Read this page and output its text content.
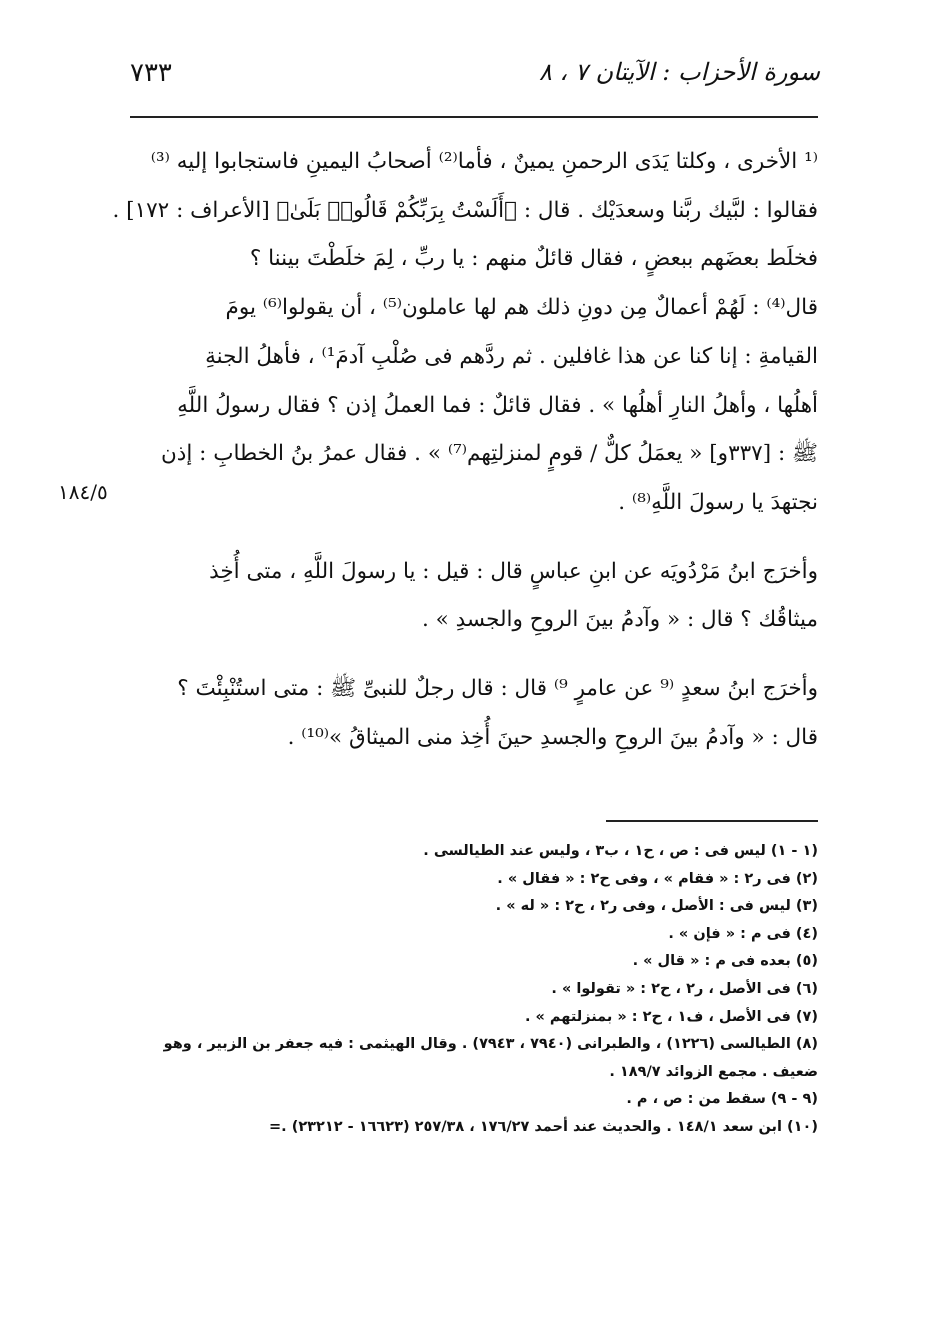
٧٣٣	سورة الأحزاب : الآيتان ٧ ، ٨
١٨٤/٥
⁽¹ الأخرى ، وكلتا يَدَى الرحمنِ يمينٌ ، فأما⁽²⁾ أصحابُ اليمينِ فاستجابوا إليه ⁽³⁾
فقالوا : لبَّيك ربَّنا وسعدَيْك . قال : ﴿أَلَسْتُ بِرَبِّكُمْ قَالُوا۟ بَلَىٰ﴾ [الأعراف : ١٧٢] .
فخلَط بعضَهم ببعضٍ ، فقال قائلٌ منهم : يا ربِّ ، لِمَ خلَطْتَ بيننا ؟
قال⁽⁴⁾ : لَهُمْ أعمالٌ مِن دونِ ذلك هم لها عاملون⁽⁵⁾ ، أن يقولوا⁽⁶⁾ يومَ
القيامةِ : إنا كنا عن هذا غافلين . ثم ردَّهم فى صُلْبِ آدمَ¹⁾ ، فأهلُ الجنةِ
أهلُها ، وأهلُ النارِ أهلُها » . فقال قائلٌ : فما العملُ إذن ؟ فقال رسولُ اللَّهِ
ﷺ : [٣٣٧و] « يعمَلُ كلٌّ / قومٍ لمنزلتِهم⁽⁷⁾ » . فقال عمرُ بنُ الخطابِ : إذن
نجتهدَ يا رسولَ اللَّهِ⁽⁸⁾ .
وأخرَج ابنُ مَرْدُويَه عن ابنِ عباسٍ قال : قيل : يا رسولَ اللَّهِ ، متى أُخِذ
ميثاقُك ؟ قال : « وآدمُ بينَ الروحِ والجسدِ » .
وأخرَج ابنُ سعدٍ ⁽⁹ عن عامرٍ ⁹⁾ قال : قال رجلٌ للنبىِّ ﷺ : متى استُنْبِئْتَ ؟
قال : « وآدمُ بينَ الروحِ والجسدِ حينَ أُخِذ منى الميثاقُ »⁽¹⁰⁾ .
(١ - ١) ليس فى : ص ، ح١ ، ب٣ ، وليس عند الطيالسى .
(٢) فى ر٢ : « فقام » ، وفى ح٢ : « فقال » .
(٣) ليس فى : الأصل ، وفى ر٢ ، ح٢ : « له » .
(٤) فى م : « فإن » .
(٥) بعده فى م : « قال » .
(٦) فى الأصل ، ر٢ ، ح٢ : « تقولوا » .
(٧) فى الأصل ، ف١ ، ح٢ : « بمنزلتهم » .
(٨) الطيالسى (١٢٢٦) ، والطبرانى (٧٩٤٠ ، ٧٩٤٣) . وقال الهيثمى : فيه جعفر بن الزبير ، وهو
ضعيف . مجمع الزوائد ١٨٩/٧ .
(٩ - ٩) سقط من : ص ، م .
(١٠) ابن سعد ١٤٨/١ . والحديث عند أحمد ١٧٦/٢٧ ، ٢٥٧/٣٨ (١٦٦٢٣ - ٢٣٢١٢) .=
